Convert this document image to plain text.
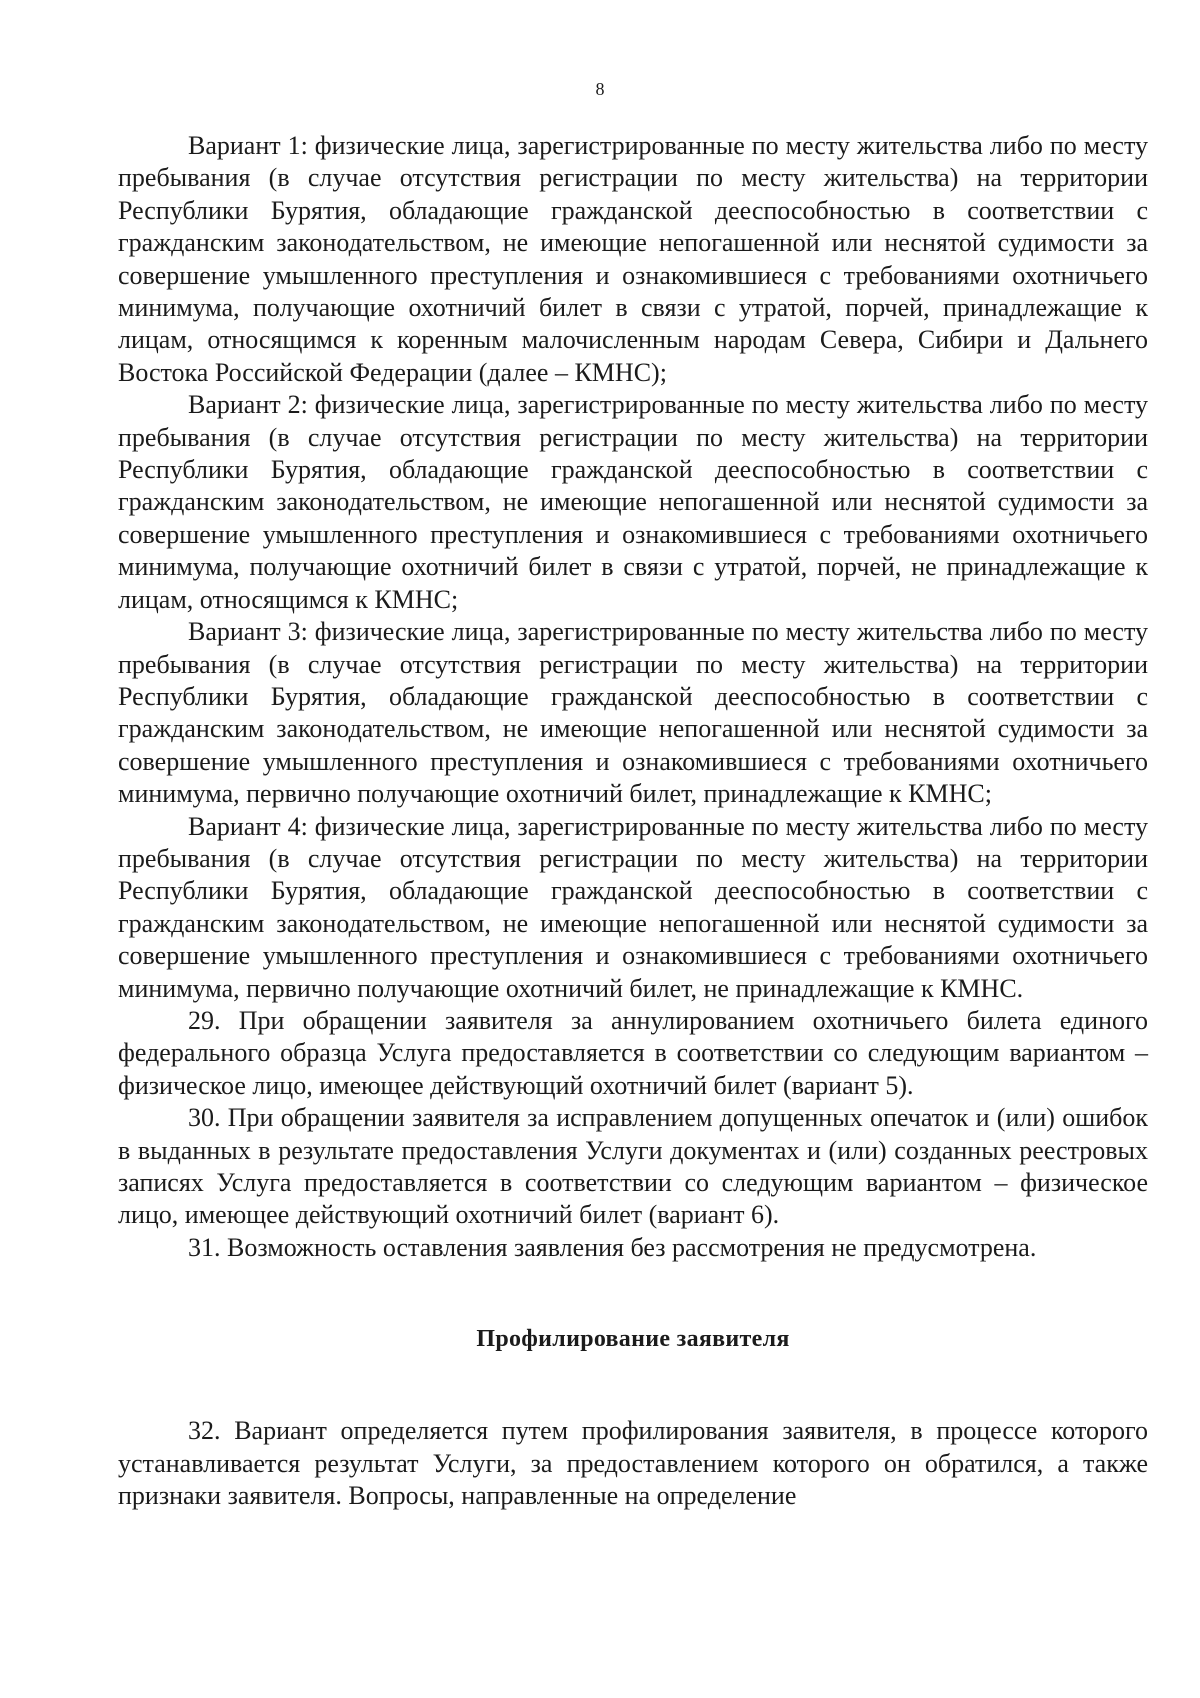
8

Вариант 1: физические лица, зарегистрированные по месту жительства либо по месту пребывания (в случае отсутствия регистрации по месту жительства) на территории Республики Бурятия, обладающие гражданской дееспособностью в соответствии с гражданским законодательством, не имеющие непогашенной или неснятой судимости за совершение умышленного преступления и ознакомившиеся с требованиями охотничьего минимума, получающие охотничий билет в связи с утратой, порчей, принадлежащие к лицам, относящимся к коренным малочисленным народам Севера, Сибири и Дальнего Востока Российской Федерации (далее – КМНС);

Вариант 2: физические лица, зарегистрированные по месту жительства либо по месту пребывания (в случае отсутствия регистрации по месту жительства) на территории Республики Бурятия, обладающие гражданской дееспособностью в соответствии с гражданским законодательством, не имеющие непогашенной или неснятой судимости за совершение умышленного преступления и ознакомившиеся с требованиями охотничьего минимума, получающие охотничий билет в связи с утратой, порчей, не принадлежащие к лицам, относящимся к КМНС;

Вариант 3: физические лица, зарегистрированные по месту жительства либо по месту пребывания (в случае отсутствия регистрации по месту жительства) на территории Республики Бурятия, обладающие гражданской дееспособностью в соответствии с гражданским законодательством, не имеющие непогашенной или неснятой судимости за совершение умышленного преступления и ознакомившиеся с требованиями охотничьего минимума, первично получающие охотничий билет, принадлежащие к КМНС;

Вариант 4: физические лица, зарегистрированные по месту жительства либо по месту пребывания (в случае отсутствия регистрации по месту жительства) на территории Республики Бурятия, обладающие гражданской дееспособностью в соответствии с гражданским законодательством, не имеющие непогашенной или неснятой судимости за совершение умышленного преступления и ознакомившиеся с требованиями охотничьего минимума, первично получающие охотничий билет, не принадлежащие к КМНС.

29. При обращении заявителя за аннулированием охотничьего билета единого федерального образца Услуга предоставляется в соответствии со следующим вариантом – физическое лицо, имеющее действующий охотничий билет (вариант 5).

30. При обращении заявителя за исправлением допущенных опечаток и (или) ошибок в выданных в результате предоставления Услуги документах и (или) созданных реестровых записях Услуга предоставляется в соответствии со следующим вариантом – физическое лицо, имеющее действующий охотничий билет (вариант 6).

31. Возможность оставления заявления без рассмотрения не предусмотрена.

Профилирование заявителя

32. Вариант определяется путем профилирования заявителя, в процессе которого устанавливается результат Услуги, за предоставлением которого он обратился, а также признаки заявителя. Вопросы, направленные на определение
